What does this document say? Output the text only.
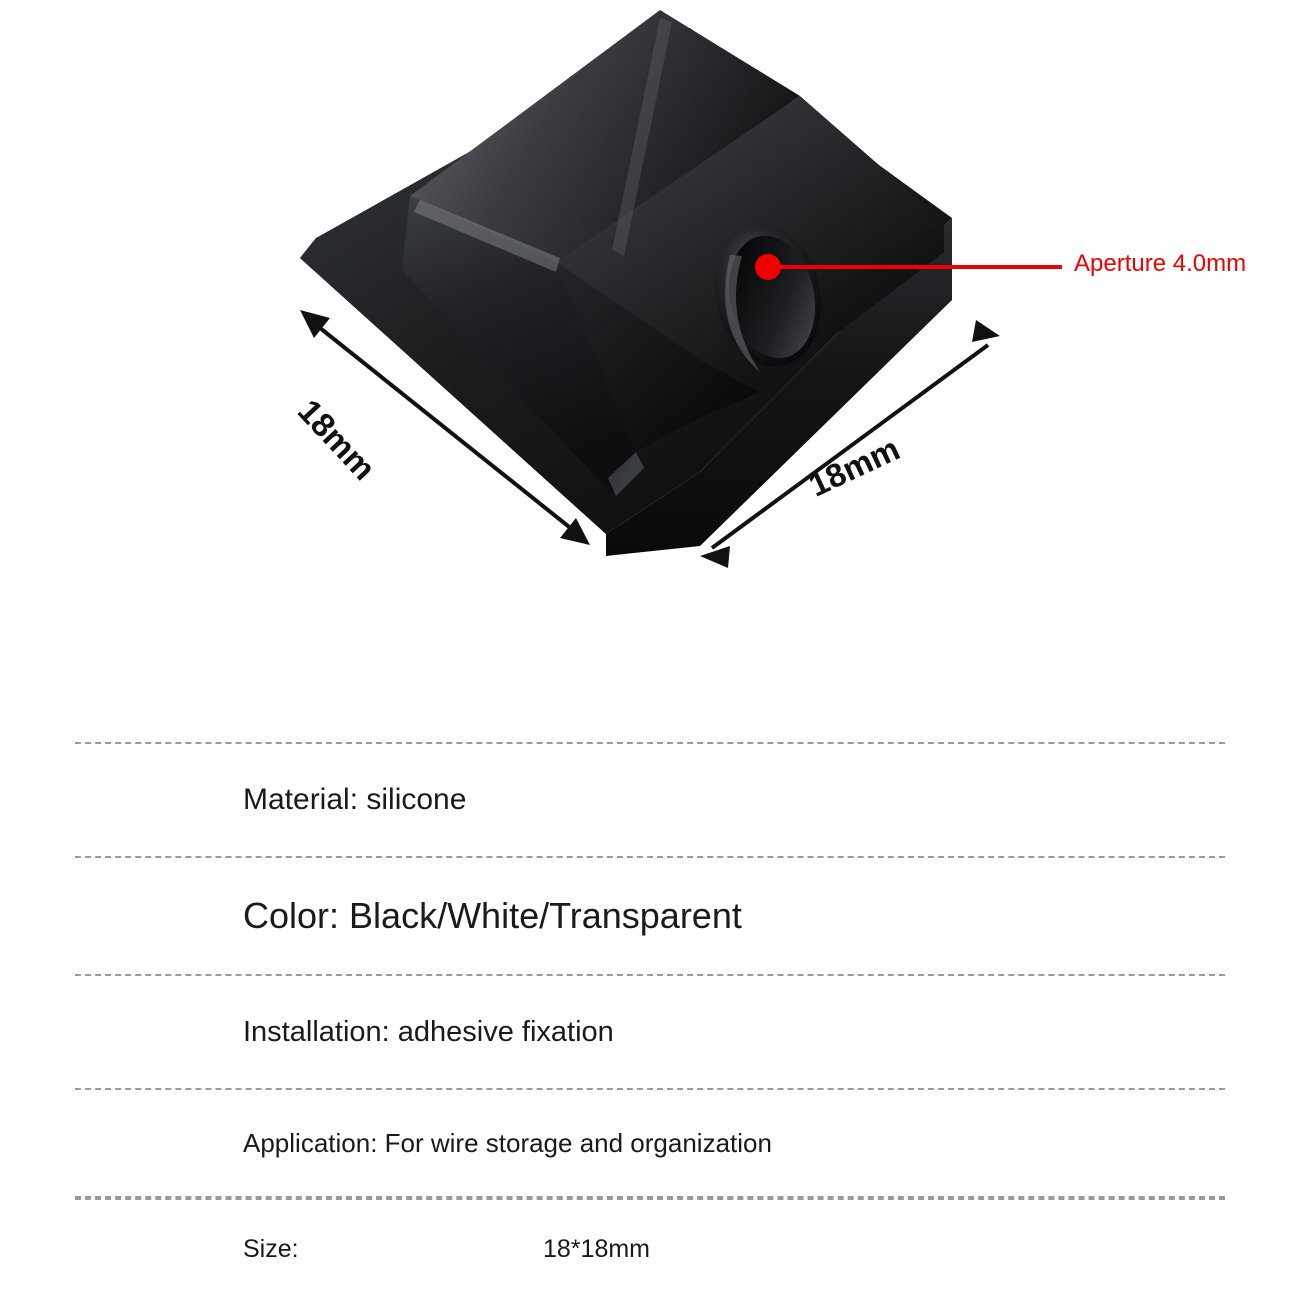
Aperture 4.0mm
18mm	18mm
Material: silicone
Color: Black/White/Transparent
Installation: adhesive fixation
Application: For wire storage and organization
Size:	18*18mm
